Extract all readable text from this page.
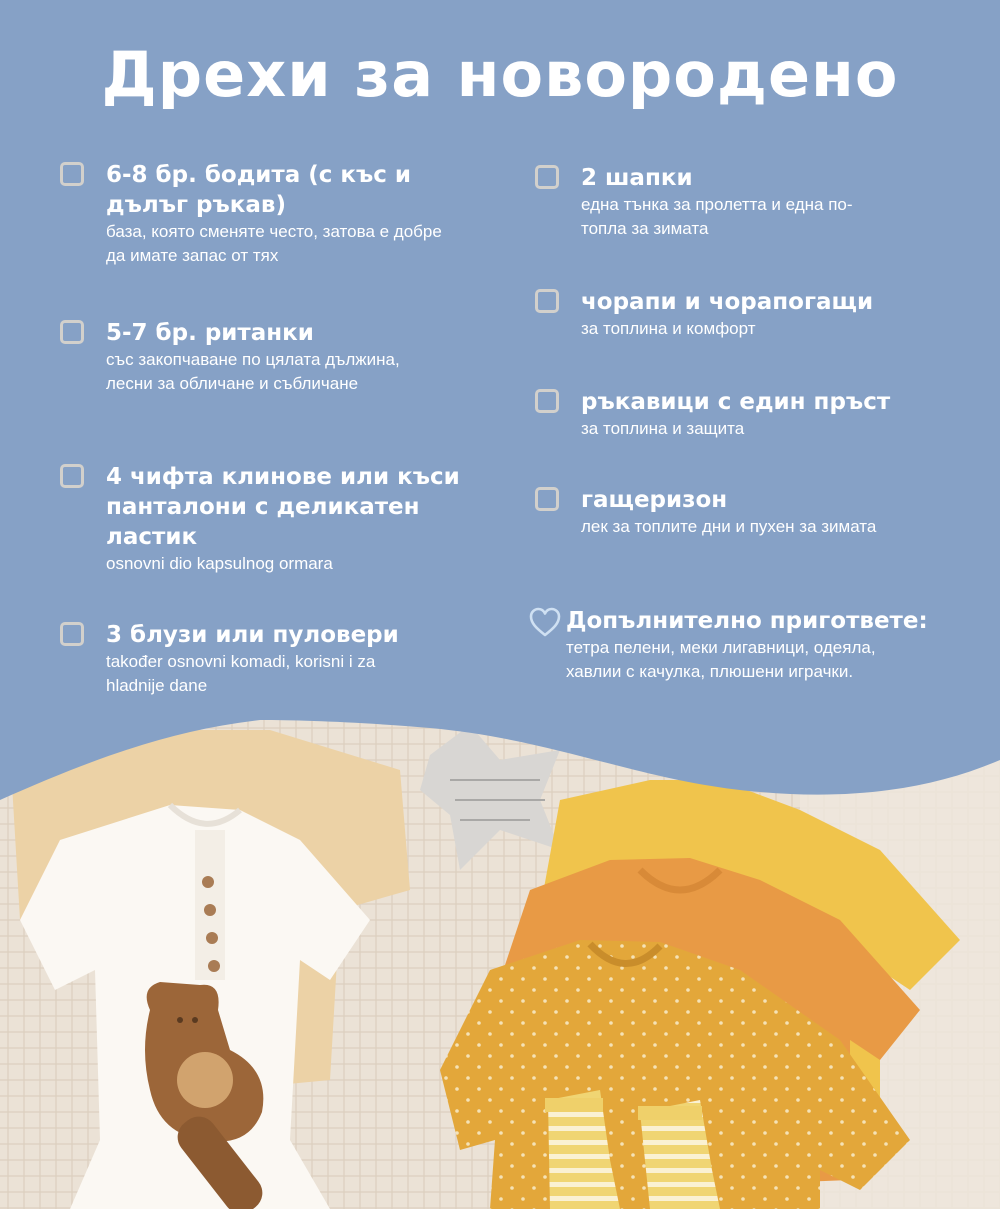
Дрехи за новородено
6-8 бр. бодита (с къс и дълъг ръкав)
база, която сменяте често, затова е добре да имате запас от тях
5-7 бр. ританки
със закопчаване по цялата дължина, лесни за обличане и събличане
4 чифта клинове или къси панталони с деликатен ластик
osnovni dio kapsulnog ormara
3 блузи или пуловери
također osnovni komadi, korisni i za hladnije dane
2 шапки
една тънка за пролетта и една по-топла за зимата
чорапи и чорапогащи
за топлина и комфорт
ръкавици с един пръст
за топлина и защита
гащеризон
лек за топлите дни и пухен за зимата
Допълнително пригответе:
тетра пелени, меки лигавници, одеяла, хавлии с качулка, плюшени играчки.
